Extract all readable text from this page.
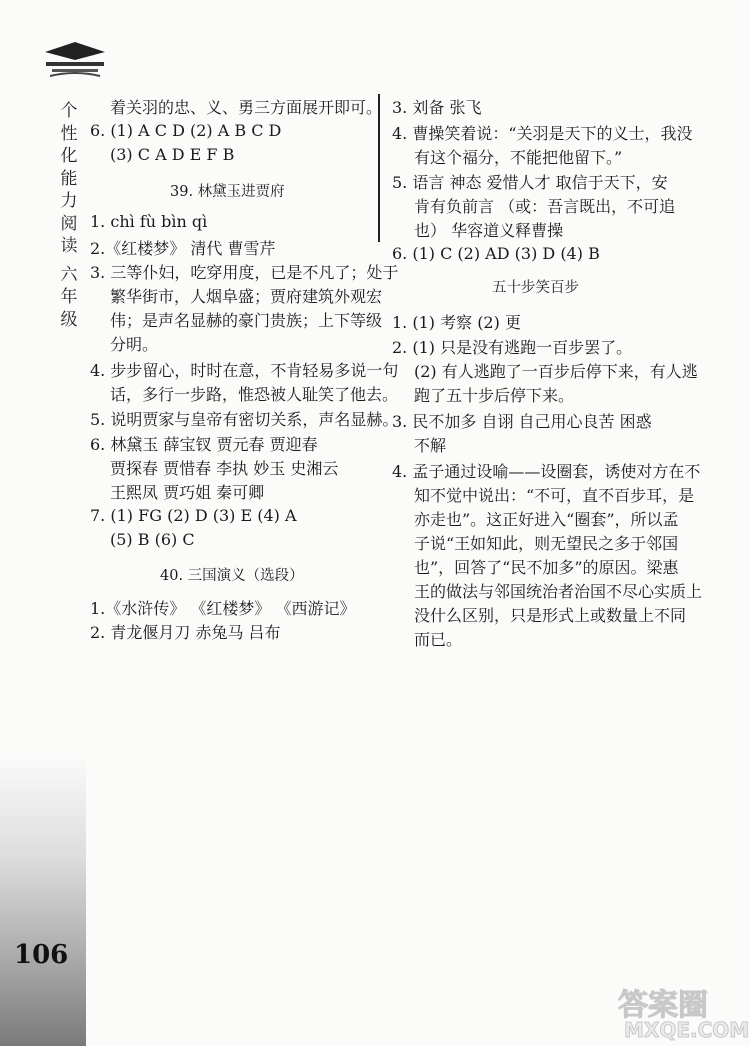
个
性
化
能
力
阅
读
六
年
级
106
着关羽的忠、义、勇三方面展开即可。
6. (1) A C D (2) A B C D
(3) C A D E F B
39. 林黛玉进贾府
1. chì fù bìn qì
2.《红楼梦》 清代 曹雪芹
3. 三等仆妇，吃穿用度，已是不凡了；处于
繁华街市，人烟阜盛；贾府建筑外观宏
伟；是声名显赫的豪门贵族；上下等级
分明。
4. 步步留心，时时在意，不肯轻易多说一句
话，多行一步路，惟恐被人耻笑了他去。
5. 说明贾家与皇帝有密切关系，声名显赫。
6. 林黛玉 薛宝钗 贾元春 贾迎春
贾探春 贾惜春 李执 妙玉 史湘云
王熙凤 贾巧姐 秦可卿
7. (1) FG (2) D (3) E (4) A
(5) B (6) C
40. 三国演义（选段）
1.《水浒传》 《红楼梦》 《西游记》
2. 青龙偃月刀 赤兔马 吕布
3. 刘备 张飞
4. 曹操笑着说：“关羽是天下的义士，我没
有这个福分，不能把他留下。”
5. 语言 神态 爱惜人才 取信于天下，安
肯有负前言 （或：吾言既出，不可追
也） 华容道义释曹操
6. (1) C (2) AD (3) D (4) B
五十步笑百步
1. (1) 考察 (2) 更
2. (1) 只是没有逃跑一百步罢了。
(2) 有人逃跑了一百步后停下来，有人逃
跑了五十步后停下来。
3. 民不加多 自诩 自己用心良苦 困惑
不解
4. 孟子通过设喻——设圈套，诱使对方在不
知不觉中说出：“不可，直不百步耳，是
亦走也”。这正好进入“圈套”，所以孟
子说“王如知此，则无望民之多于邻国
也”，回答了“民不加多”的原因。梁惠
王的做法与邻国统治者治国不尽心实质上
没什么区别，只是形式上或数量上不同
而已。
答案圈
MXQE.COM
